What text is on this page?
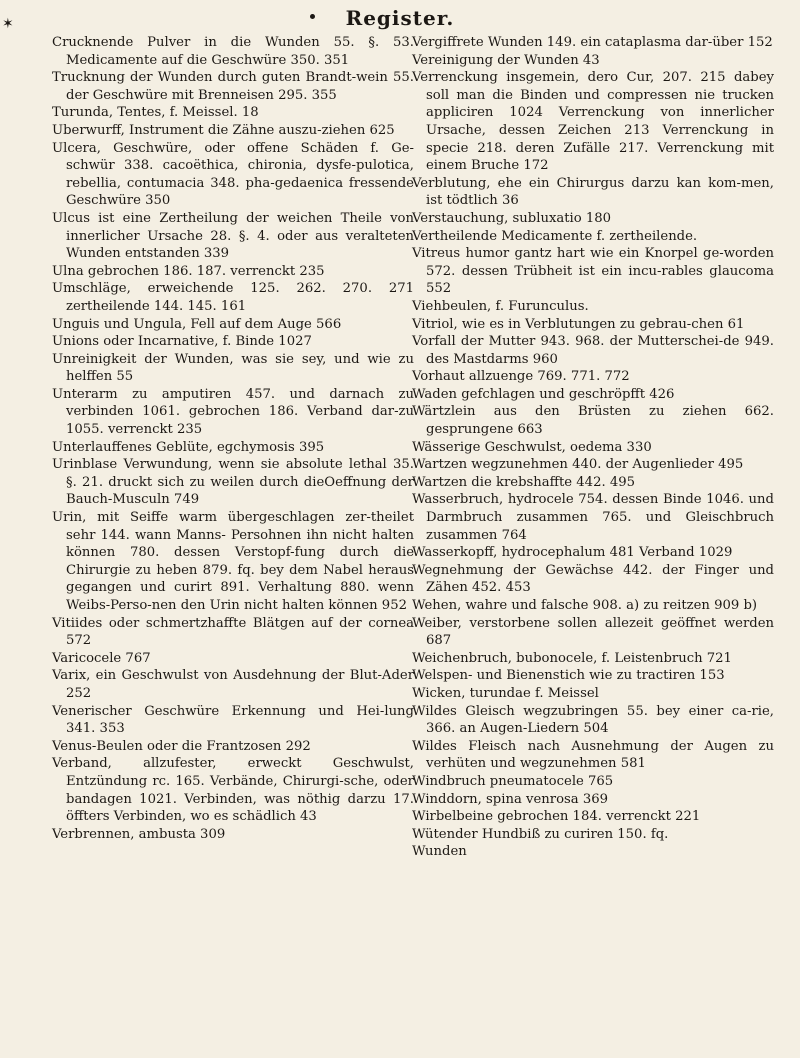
Register.
✶

Crucknende Pulver in die Wunden 55. §. 53. Medicamente auf die Geschwüre 350. 351

Trucknung der Wunden durch guten Brandt-wein 55. der Geschwüre mit Brenneisen 295. 355

Turunda, Tentes, f. Meissel. 18

Uberwurff, Instrument die Zähne auszu-ziehen 625

Ulcera, Geschwüre, oder offene Schäden f. Ge-schwür 338. cacoëthica, chironia, dysfe-pulotica, rebellia, contumacia 348. pha-gedaenica fressende Geschwüre 350

Ulcus ist eine Zertheilung der weichen Theile von innerlicher Ursache 28. §. 4. oder aus veralteten Wunden entstanden 339

Ulna gebrochen 186. 187. verrenckt 235

Umschläge, erweichende 125. 262. 270. 271 zertheilende 144. 145. 161

Unguis und Ungula, Fell auf dem Auge 566

Unions oder Incarnative, f. Binde 1027

Unreinigkeit der Wunden, was sie sey, und wie zu helffen 55

Unterarm zu amputiren 457. und darnach zu verbinden 1061. gebrochen 186. Verband dar-zu 1055. verrenckt 235

Unterlauffenes Geblüte, egchymosis 395

Urinblase Verwundung, wenn sie absolute lethal 35. §. 21. druckt sich zu weilen durch dieOeffnung der Bauch-Musculn 749

Urin, mit Seiffe warm übergeschlagen zer-theilet sehr 144. wann Manns- Persohnen ihn nicht halten können 780. dessen Verstopf-fung durch die Chirurgie zu heben 879. fq. bey dem Nabel heraus gegangen und curirt 891. Verhaltung 880. wenn Weibs-Perso-nen den Urin nicht halten können 952

Vitiides oder schmertzhaffte Blätgen auf der cornea 572

Varicocele 767

Varix, ein Geschwulst von Ausdehnung der Blut-Ader 252

Venerischer Geschwüre Erkennung und Hei-lung 341. 353

Venus-Beulen oder die Frantzosen 292

Verband, allzufester, erweckt Geschwulst, Entzündung rc. 165. Verbände, Chirurgi-sche, oder bandagen 1021. Verbinden, was nöthig darzu 17. öffters Verbinden, wo es schädlich 43

Verbrennen, ambusta 309

Vergiffrete Wunden 149. ein cataplasma dar-über 152

Vereinigung der Wunden 43

Verrenckung insgemein, dero Cur, 207. 215 dabey soll man die Binden und compressen nie trucken appliciren 1024 Verrenckung von innerlicher Ursache, dessen Zeichen 213 Verrenckung in specie 218. deren Zufälle 217. Verrenckung mit einem Bruche 172

Verblutung, ehe ein Chirurgus darzu kan kom-men, ist tödtlich 36

Verstauchung, subluxatio 180

Vertheilende Medicamente f. zertheilende.

Vitreus humor gantz hart wie ein Knorpel ge-worden 572. dessen Trübheit ist ein incu-rables glaucoma 552

Viehbeulen, f. Furunculus.

Vitriol, wie es in Verblutungen zu gebrau-chen 61

Vorfall der Mutter 943. 968. der Mutterschei-de 949. des Mastdarms 960

Vorhaut allzuenge 769. 771. 772

Waden gefchlagen und geschröpfft 426

Wärtzlein aus den Brüsten zu ziehen 662. gesprungene 663

Wässerige Geschwulst, oedema 330

Wartzen wegzunehmen 440. der Augenlieder 495

Wartzen die krebshaffte 442. 495

Wasserbruch, hydrocele 754. dessen Binde 1046. und Darmbruch zusammen 765. und Gleischbruch zusammen 764

Wasserkopff, hydrocephalum 481 Verband 1029

Wegnehmung der Gewächse 442. der Finger und Zähen 452. 453

Wehen, wahre und falsche 908. a) zu reitzen 909 b)

Weiber, verstorbene sollen allezeit geöffnet werden 687

Weichenbruch, bubonocele, f. Leistenbruch 721

Welspen- und Bienenstich wie zu tractiren 153

Wicken, turundae f. Meissel

Wildes Gleisch wegzubringen 55. bey einer ca-rie, 366. an Augen-Liedern 504

Wildes Fleisch nach Ausnehmung der Augen zu verhüten und wegzunehmen 581

Windbruch pneumatocele 765

Winddorn, spina venrosa 369

Wirbelbeine gebrochen 184. verrenckt 221

Wütender Hundbiß zu curiren 150. fq.

Wunden
